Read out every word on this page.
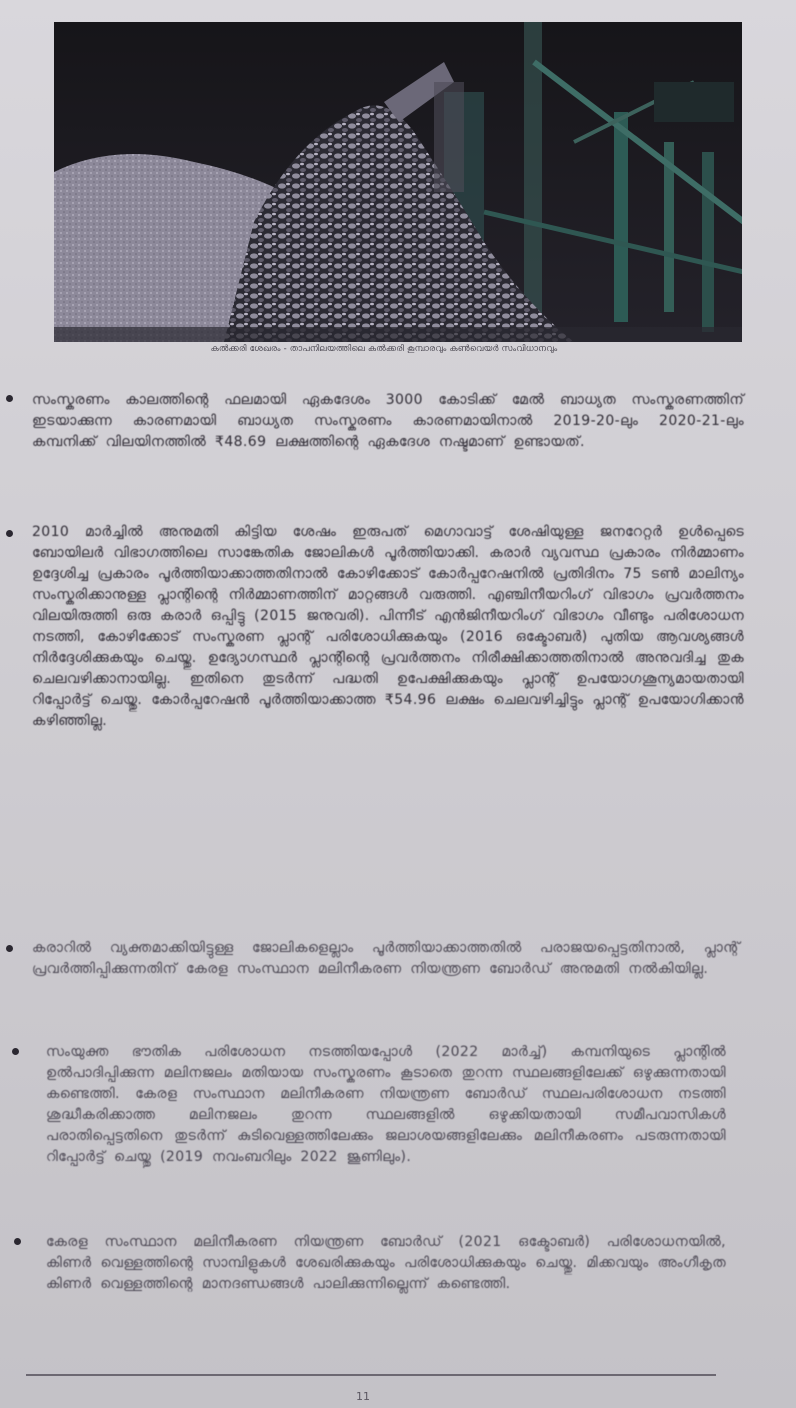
കൽക്കരി ശേഖരം - താപനിലയത്തിലെ കൽക്കരി കൂമ്പാരവും കൺവെയർ സംവിധാനവും

സംസ്കരണം കാലത്തിന്റെ ഫലമായി ഏകദേശം 3000 കോടിക്ക് മേൽ ബാധ്യത സംസ്കരണത്തിന് ഇടയാക്കുന്ന കാരണമായി ബാധ്യത സംസ്കരണം കാരണമായിനാൽ 2019-20-ലും 2020-21-ലും കമ്പനിക്ക് വിലയിനത്തിൽ ₹48.69 ലക്ഷത്തിന്റെ ഏകദേശ നഷ്ടമാണ് ഉണ്ടായത്.

2010 മാർച്ചിൽ അനുമതി കിട്ടിയ ശേഷം ഇരുപത് മെഗാവാട്ട് ശേഷിയുള്ള ജനറേറ്റർ ഉൾപ്പെടെ ബോയിലർ വിഭാഗത്തിലെ സാങ്കേതിക ജോലികൾ പൂർത്തിയാക്കി. കരാർ വ്യവസ്ഥ പ്രകാരം നിർമ്മാണം ഉദ്ദേശിച്ച പ്രകാരം പൂർത്തിയാക്കാത്തതിനാൽ കോഴിക്കോട് കോർപ്പറേഷനിൽ പ്രതിദിനം 75 ടൺ മാലിന്യം സംസ്കരിക്കാനുള്ള പ്ലാന്റിന്റെ നിർമ്മാണത്തിന് മാറ്റങ്ങൾ വരുത്തി. എഞ്ചിനീയറിംഗ് വിഭാഗം പ്രവർത്തനം വിലയിരുത്തി ഒരു കരാർ ഒപ്പിട്ടു (2015 ജനുവരി). പിന്നീട് എൻജിനീയറിംഗ് വിഭാഗം വീണ്ടും പരിശോധന നടത്തി, കോഴിക്കോട് സംസ്കരണ പ്ലാന്റ് പരിശോധിക്കുകയും (2016 ഒക്ടോബർ) പുതിയ ആവശ്യങ്ങൾ നിർദ്ദേശിക്കുകയും ചെയ്തു. ഉദ്യോഗസ്ഥർ പ്ലാന്റിന്റെ പ്രവർത്തനം നിരീക്ഷിക്കാത്തതിനാൽ അനുവദിച്ച തുക ചെലവഴിക്കാനായില്ല. ഇതിനെ തുടർന്ന് പദ്ധതി ഉപേക്ഷിക്കുകയും പ്ലാന്റ് ഉപയോഗശൂന്യമായതായി റിപ്പോർട്ട് ചെയ്തു. കോർപ്പറേഷൻ പൂർത്തിയാക്കാത്ത ₹54.96 ലക്ഷം ചെലവഴിച്ചിട്ടും പ്ലാന്റ് ഉപയോഗിക്കാൻ കഴിഞ്ഞില്ല.

കരാറിൽ വ്യക്തമാക്കിയിട്ടുള്ള ജോലികളെല്ലാം പൂർത്തിയാക്കാത്തതിൽ പരാജയപ്പെട്ടതിനാൽ, പ്ലാന്റ് പ്രവർത്തിപ്പിക്കുന്നതിന് കേരള സംസ്ഥാന മലിനീകരണ നിയന്ത്രണ ബോർഡ് അനുമതി നൽകിയില്ല.

സംയുക്ത ഭൗതിക പരിശോധന നടത്തിയപ്പോൾ (2022 മാർച്ച്) കമ്പനിയുടെ പ്ലാന്റിൽ ഉൽപാദിപ്പിക്കുന്ന മലിനജലം മതിയായ സംസ്കരണം കൂടാതെ തുറന്ന സ്ഥലങ്ങളിലേക്ക് ഒഴുക്കുന്നതായി കണ്ടെത്തി. കേരള സംസ്ഥാന മലിനീകരണ നിയന്ത്രണ ബോർഡ് സ്ഥലപരിശോധന നടത്തി ശുദ്ധീകരിക്കാത്ത മലിനജലം തുറന്ന സ്ഥലങ്ങളിൽ ഒഴുക്കിയതായി സമീപവാസികൾ പരാതിപ്പെട്ടതിനെ തുടർന്ന് കുടിവെള്ളത്തിലേക്കും ജലാശയങ്ങളിലേക്കും മലിനീകരണം പടരുന്നതായി റിപ്പോർട്ട് ചെയ്തു (2019 നവംബറിലും 2022 ജൂണിലും).

കേരള സംസ്ഥാന മലിനീകരണ നിയന്ത്രണ ബോർഡ് (2021 ഒക്ടോബർ) പരിശോധനയിൽ, കിണർ വെള്ളത്തിന്റെ സാമ്പിളുകൾ ശേഖരിക്കുകയും പരിശോധിക്കുകയും ചെയ്തു. മിക്കവയും അംഗീകൃത കിണർ വെള്ളത്തിന്റെ മാനദണ്ഡങ്ങൾ പാലിക്കുന്നില്ലെന്ന് കണ്ടെത്തി.

11
